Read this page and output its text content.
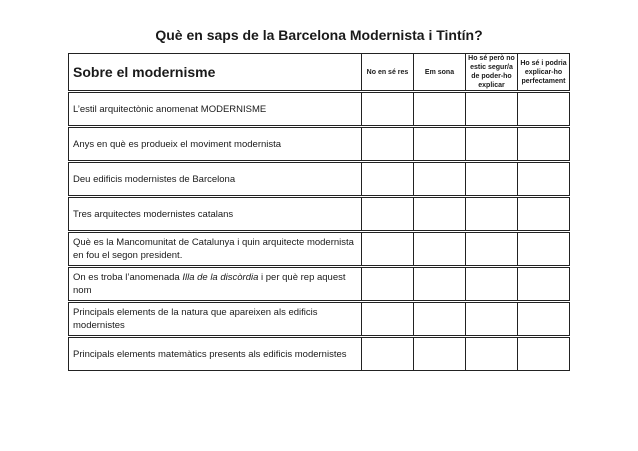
Què en saps de la Barcelona Modernista i Tintín?
Sobre el modernisme	No en sé res	Em sona	Ho sé però no estic segur/a de poder-ho explicar	Ho sé i podria explicar-ho perfectament

L’estil arquitectònic anomenat MODERNISME				

Anys en què es produeix el moviment modernista				

Deu edificis modernistes de Barcelona				

Tres arquitectes modernistes catalans				

Què es la Mancomunitat de Catalunya i quin arquitecte modernista en fou el segon president.				

On es troba l’anomenada Illa de la discòrdia i per què rep aquest nom				

Principals elements de la natura que apareixen als edificis modernistes				

Principals elements matemàtics presents als edificis modernistes				
